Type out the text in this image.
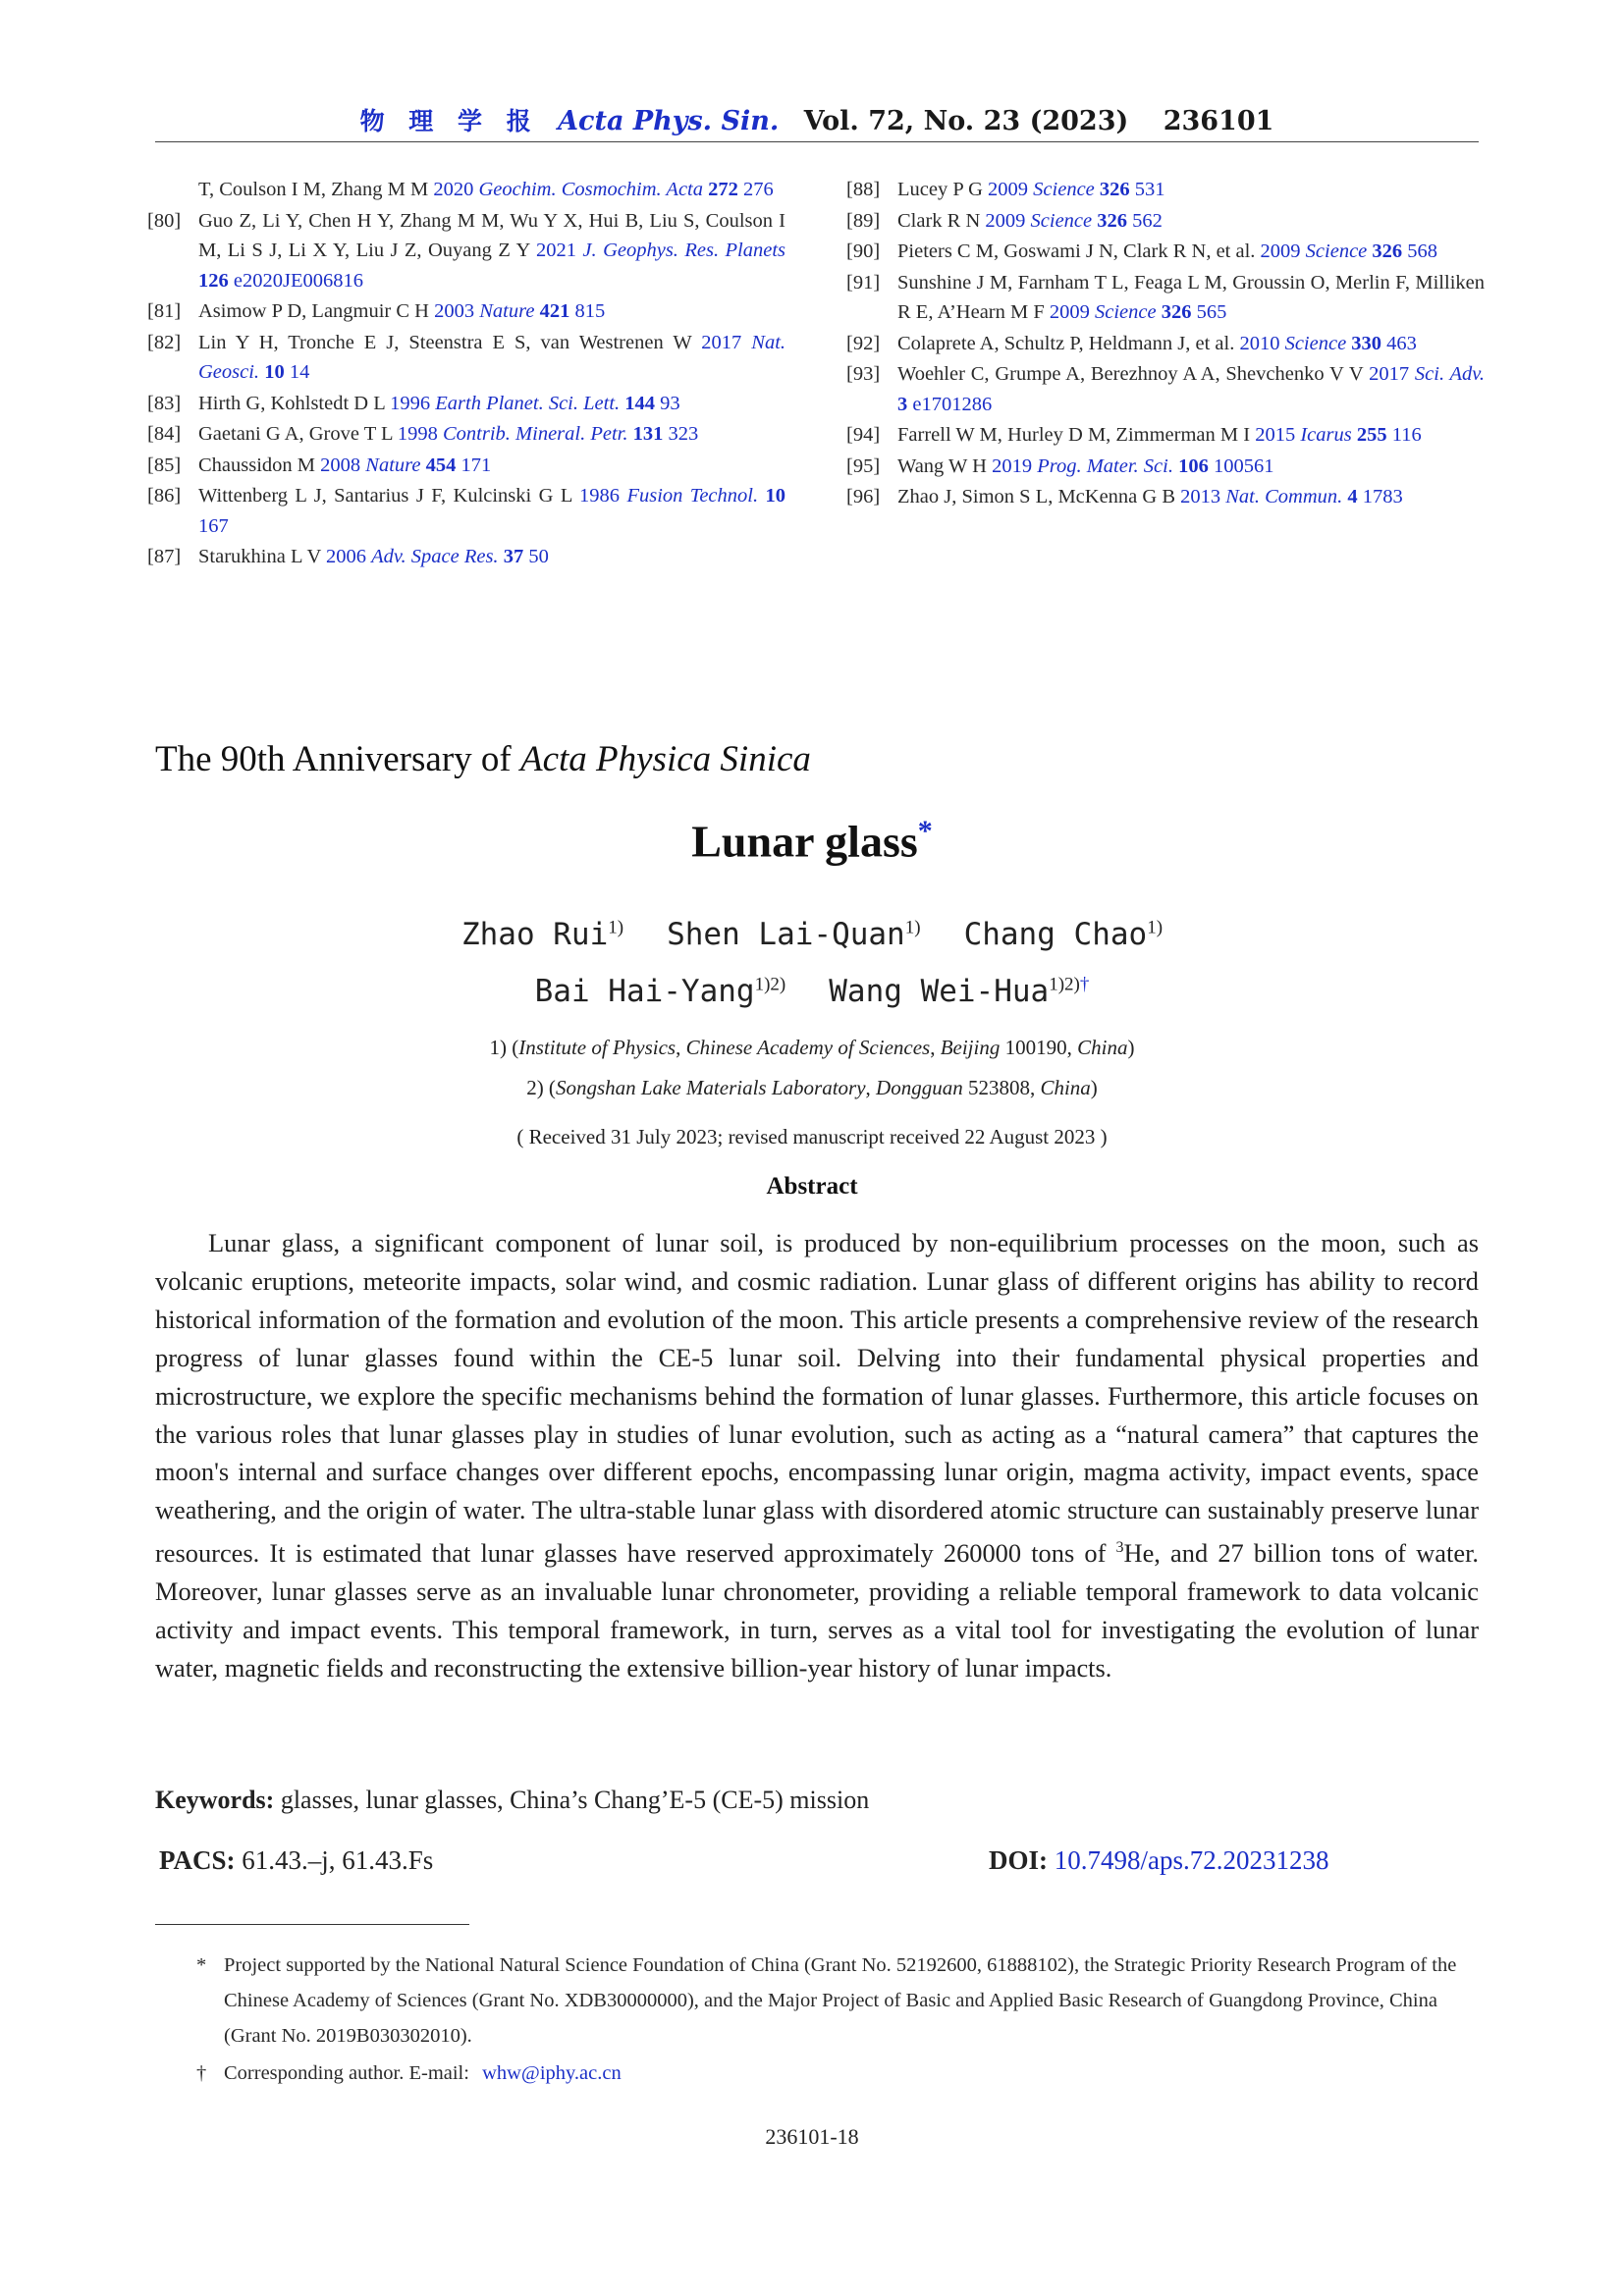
物 理 学 报 Acta Phys. Sin. Vol. 72, No. 23 (2023) 236101
T, Coulson I M, Zhang M M 2020 Geochim. Cosmochim. Acta 272 276
[80] Guo Z, Li Y, Chen H Y, Zhang M M, Wu Y X, Hui B, Liu S, Coulson I M, Li S J, Li X Y, Liu J Z, Ouyang Z Y 2021 J. Geophys. Res. Planets 126 e2020JE006816
[81] Asimow P D, Langmuir C H 2003 Nature 421 815
[82] Lin Y H, Tronche E J, Steenstra E S, van Westrenen W 2017 Nat. Geosci. 10 14
[83] Hirth G, Kohlstedt D L 1996 Earth Planet. Sci. Lett. 144 93
[84] Gaetani G A, Grove T L 1998 Contrib. Mineral. Petr. 131 323
[85] Chaussidon M 2008 Nature 454 171
[86] Wittenberg L J, Santarius J F, Kulcinski G L 1986 Fusion Technol. 10 167
[87] Starukhina L V 2006 Adv. Space Res. 37 50
[88] Lucey P G 2009 Science 326 531
[89] Clark R N 2009 Science 326 562
[90] Pieters C M, Goswami J N, Clark R N, et al. 2009 Science 326 568
[91] Sunshine J M, Farnham T L, Feaga L M, Groussin O, Merlin F, Milliken R E, A’Hearn M F 2009 Science 326 565
[92] Colaprete A, Schultz P, Heldmann J, et al. 2010 Science 330 463
[93] Woehler C, Grumpe A, Berezhnoy A A, Shevchenko V V 2017 Sci. Adv. 3 e1701286
[94] Farrell W M, Hurley D M, Zimmerman M I 2015 Icarus 255 116
[95] Wang W H 2019 Prog. Mater. Sci. 106 100561
[96] Zhao J, Simon S L, McKenna G B 2013 Nat. Commun. 4 1783
The 90th Anniversary of Acta Physica Sinica
Lunar glass*
Zhao Rui$^{1)}$ Shen Lai-Quan$^{1)}$ Chang Chao$^{1)}$
Bai Hai-Yang$^{1)2)}$ Wang Wei-Hua$^{1)2)\dagger}$
1) (Institute of Physics, Chinese Academy of Sciences, Beijing 100190, China)
2) (Songshan Lake Materials Laboratory, Dongguan 523808, China)
( Received 31 July 2023; revised manuscript received 22 August 2023 )
Abstract

Lunar glass, a significant component of lunar soil, is produced by non-equilibrium processes on the moon, such as volcanic eruptions, meteorite impacts, solar wind, and cosmic radiation. Lunar glass of different origins has ability to record historical information of the formation and evolution of the moon. This article presents a comprehensive review of the research progress of lunar glasses found within the CE-5 lunar soil. Delving into their fundamental physical properties and microstructure, we explore the specific mechanisms behind the formation of lunar glasses. Furthermore, this article focuses on the various roles that lunar glasses play in studies of lunar evolution, such as acting as a “natural camera” that captures the moon's internal and surface changes over different epochs, encompassing lunar origin, magma activity, impact events, space weathering, and the origin of water. The ultra-stable lunar glass with disordered atomic structure can sustainably preserve lunar resources. It is estimated that lunar glasses have reserved approximately 260000 tons of $^3$He, and 27 billion tons of water. Moreover, lunar glasses serve as an invaluable lunar chronometer, providing a reliable temporal framework to data volcanic activity and impact events. This temporal framework, in turn, serves as a vital tool for investigating the evolution of lunar water, magnetic fields and reconstructing the extensive billion-year history of lunar impacts.

Keywords: glasses, lunar glasses, China’s Chang’E-5 (CE-5) mission
PACS: 61.43.–j, 61.43.Fs	DOI: 10.7498/aps.72.20231238
* Project supported by the National Natural Science Foundation of China (Grant No. 52192600, 61888102), the Strategic Priority Research Program of the Chinese Academy of Sciences (Grant No. XDB30000000), and the Major Project of Basic and Applied Basic Research of Guangdong Province, China (Grant No. 2019B030302010).
† Corresponding author. E-mail: whw@iphy.ac.cn
236101-18
